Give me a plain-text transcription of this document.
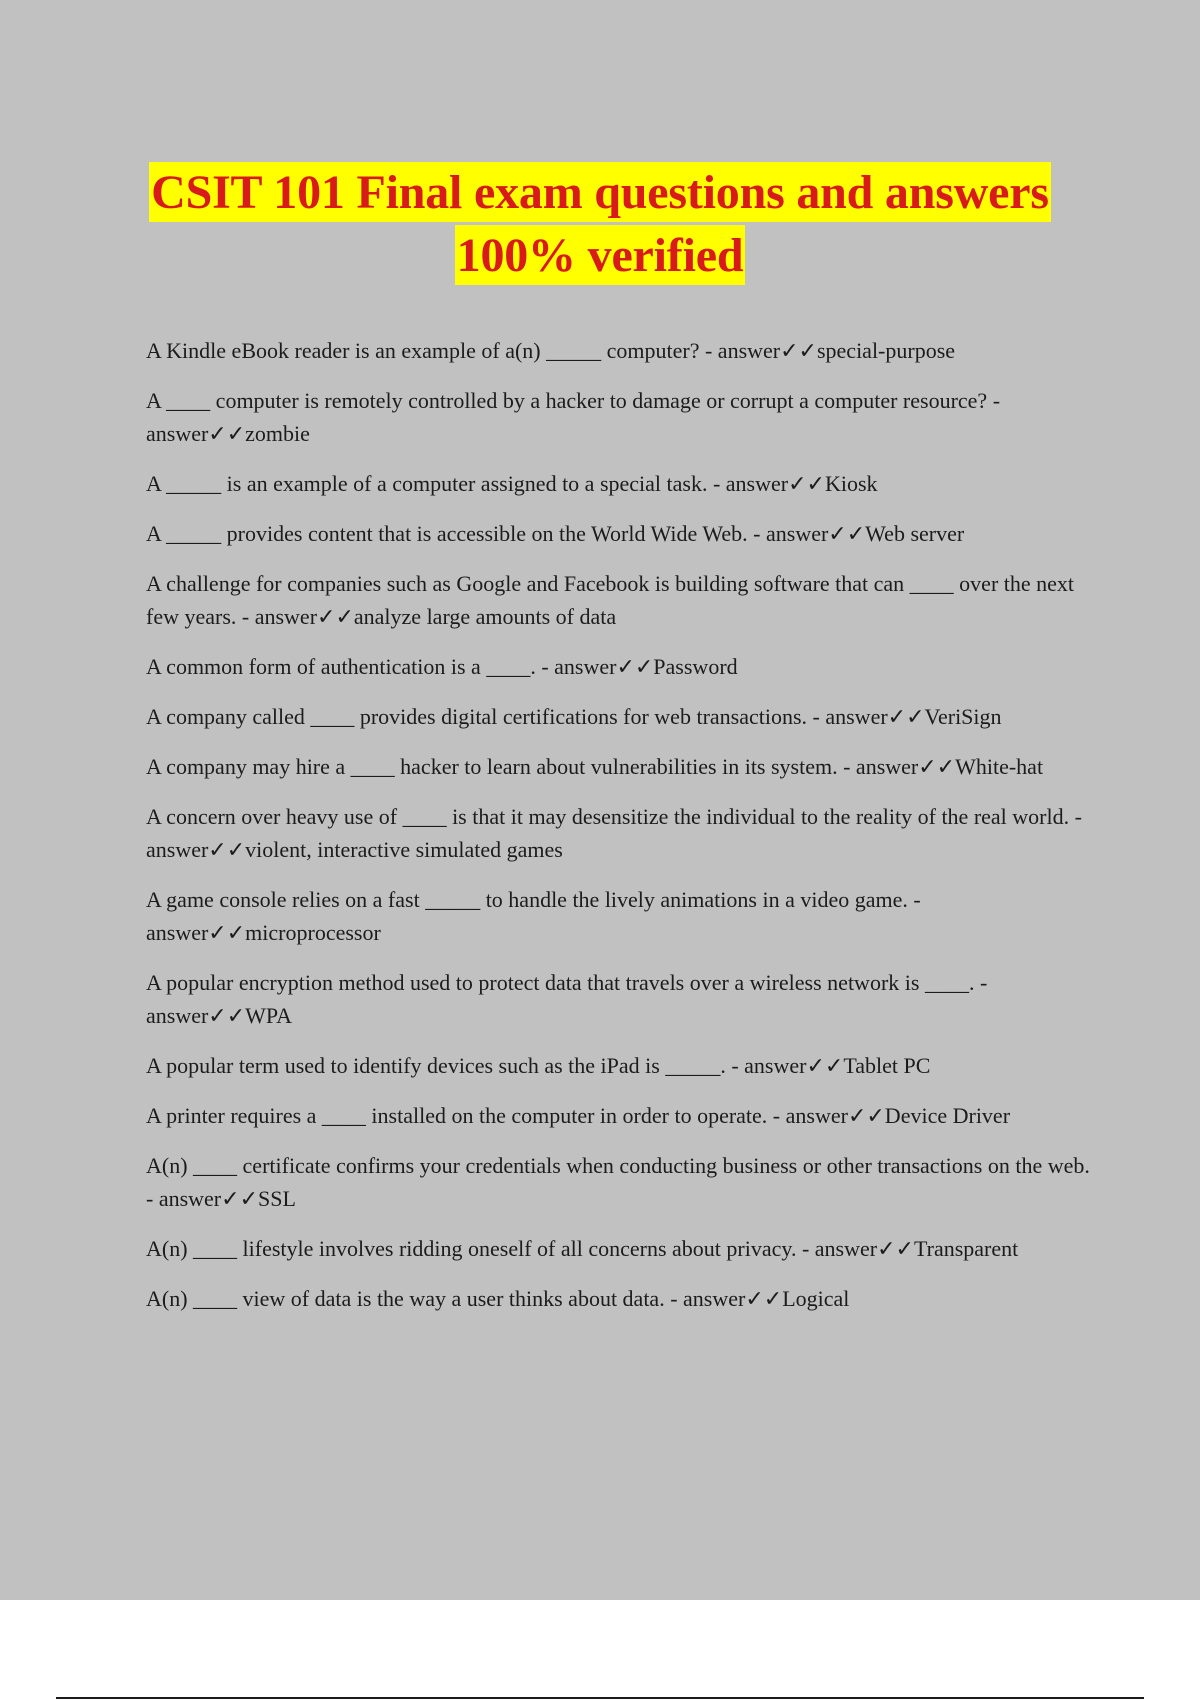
CSIT 101 Final exam questions and answers
100% verified
A Kindle eBook reader is an example of a(n) _____ computer? - answer✓✓special-purpose
A ____ computer is remotely controlled by a hacker to damage or corrupt a computer resource? - answer✓✓zombie
A _____ is an example of a computer assigned to a special task. - answer✓✓Kiosk
A _____ provides content that is accessible on the World Wide Web. - answer✓✓Web server
A challenge for companies such as Google and Facebook is building software that can ____ over the next few years. - answer✓✓analyze large amounts of data
A common form of authentication is a ____. - answer✓✓Password
A company called ____ provides digital certifications for web transactions. - answer✓✓VeriSign
A company may hire a ____ hacker to learn about vulnerabilities in its system. - answer✓✓White-hat
A concern over heavy use of ____ is that it may desensitize the individual to the reality of the real world. - answer✓✓violent, interactive simulated games
A game console relies on a fast _____ to handle the lively animations in a video game. - answer✓✓microprocessor
A popular encryption method used to protect data that travels over a wireless network is ____. - answer✓✓WPA
A popular term used to identify devices such as the iPad is _____. - answer✓✓Tablet PC
A printer requires a ____ installed on the computer in order to operate. - answer✓✓Device Driver
A(n) ____ certificate confirms your credentials when conducting business or other transactions on the web. - answer✓✓SSL
A(n) ____ lifestyle involves ridding oneself of all concerns about privacy. - answer✓✓Transparent
A(n) ____ view of data is the way a user thinks about data. - answer✓✓Logical
